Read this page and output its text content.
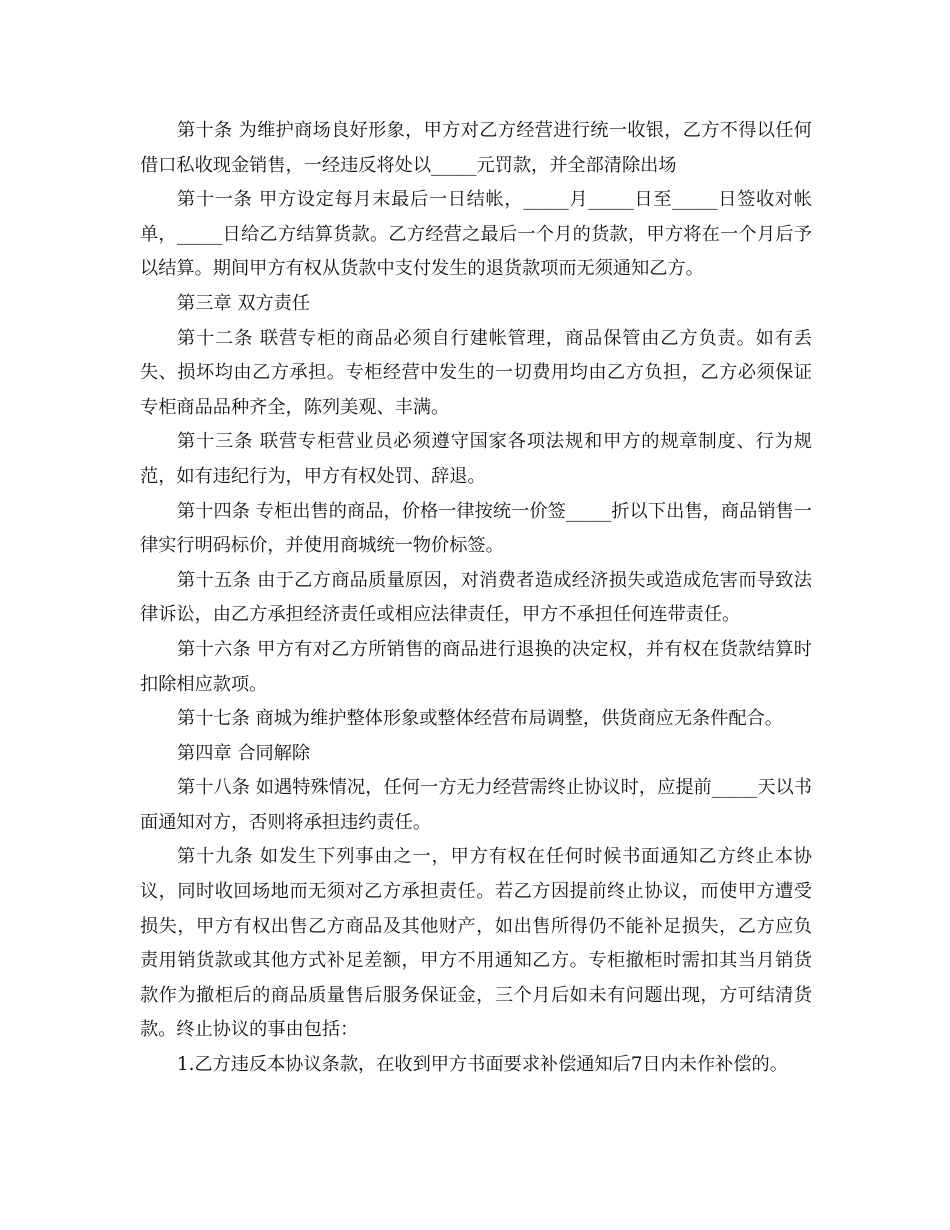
第十条 为维护商场良好形象，甲方对乙方经营进行统一收银，乙方不得以任何借口私收现金销售，一经违反将处以_____元罚款，并全部清除出场

第十一条 甲方设定每月末最后一日结帐，_____月_____日至_____日签收对帐单，_____日给乙方结算货款。乙方经营之最后一个月的货款，甲方将在一个月后予以结算。期间甲方有权从货款中支付发生的退货款项而无须通知乙方。

第三章 双方责任

第十二条 联营专柜的商品必须自行建帐管理，商品保管由乙方负责。如有丢失、损坏均由乙方承担。专柜经营中发生的一切费用均由乙方负担，乙方必须保证专柜商品品种齐全，陈列美观、丰满。

第十三条 联营专柜营业员必须遵守国家各项法规和甲方的规章制度、行为规范，如有违纪行为，甲方有权处罚、辞退。

第十四条 专柜出售的商品，价格一律按统一价签_____折以下出售，商品销售一律实行明码标价，并使用商城统一物价标签。

第十五条 由于乙方商品质量原因，对消费者造成经济损失或造成危害而导致法律诉讼，由乙方承担经济责任或相应法律责任，甲方不承担任何连带责任。

第十六条 甲方有对乙方所销售的商品进行退换的决定权，并有权在货款结算时扣除相应款项。

第十七条 商城为维护整体形象或整体经营布局调整，供货商应无条件配合。

第四章 合同解除

第十八条 如遇特殊情况，任何一方无力经营需终止协议时，应提前_____天以书面通知对方，否则将承担违约责任。

第十九条 如发生下列事由之一，甲方有权在任何时候书面通知乙方终止本协议，同时收回场地而无须对乙方承担责任。若乙方因提前终止协议，而使甲方遭受损失，甲方有权出售乙方商品及其他财产，如出售所得仍不能补足损失，乙方应负责用销货款或其他方式补足差额，甲方不用通知乙方。专柜撤柜时需扣其当月销货款作为撤柜后的商品质量售后服务保证金，三个月后如未有问题出现，方可结清货款。终止协议的事由包括：

1.乙方违反本协议条款，在收到甲方书面要求补偿通知后7日内未作补偿的。
